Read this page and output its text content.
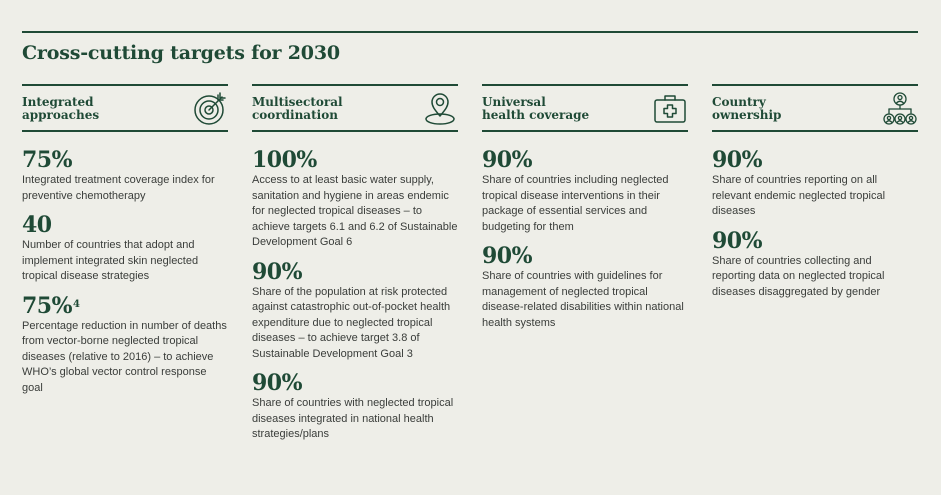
Cross-cutting targets for 2030
Integrated
approaches
75%

Integrated treatment coverage index for preventive chemotherapy

40

Number of countries that adopt and implement integrated skin neglected tropical disease strategies

75%$^4$

Percentage reduction in number of deaths from vector-borne neglected tropical diseases (relative to 2016) – to achieve WHO’s global vector control response goal

Multisectoral
coordination
100%

Access to at least basic water supply, sanitation and hygiene in areas endemic for neglected tropical diseases – to achieve targets 6.1 and 6.2 of Sustainable Development Goal 6

90%

Share of the population at risk protected against catastrophic out-of-pocket health expenditure due to neglected tropical diseases – to achieve target 3.8 of Sustainable Development Goal 3

90%

Share of countries with neglected tropical diseases integrated in national health strategies/plans

Universal
health coverage
90%

Share of countries including neglected tropical disease interventions in their package of essential services and budgeting for them

90%

Share of countries with guidelines for management of neglected tropical disease-related disabilities within national health systems

Country
ownership
90%

Share of countries reporting on all relevant endemic neglected tropical diseases

90%

Share of countries collecting and reporting data on neglected tropical diseases disaggregated by gender
